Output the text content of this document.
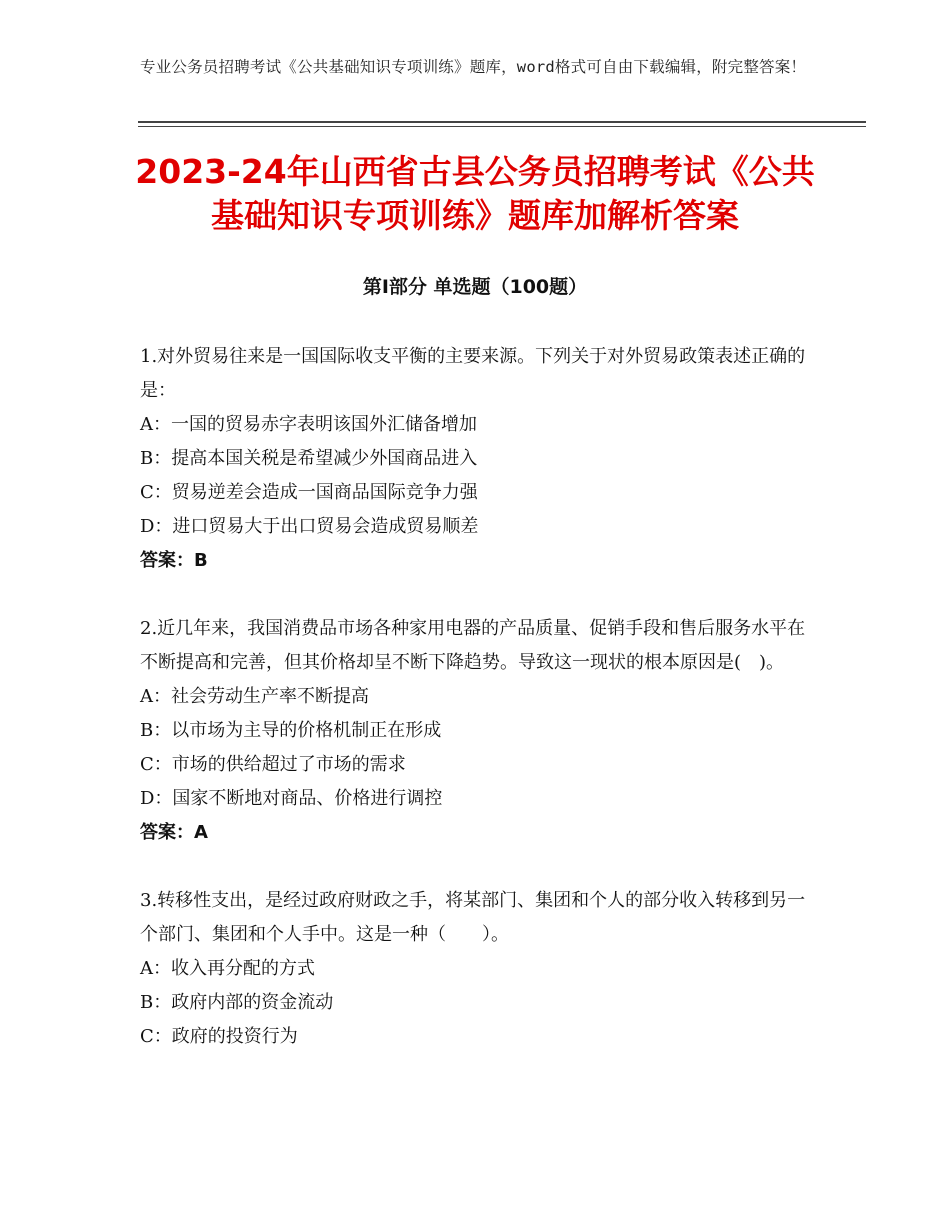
专业公务员招聘考试《公共基础知识专项训练》题库，word格式可自由下载编辑，附完整答案！
2023-24年山西省古县公务员招聘考试《公共基础知识专项训练》题库加解析答案
第Ⅰ部分 单选题（100题）
1.对外贸易往来是一国国际收支平衡的主要来源。下列关于对外贸易政策表述正确的是：
A：一国的贸易赤字表明该国外汇储备增加
B：提高本国关税是希望减少外国商品进入
C：贸易逆差会造成一国商品国际竞争力强
D：进口贸易大于出口贸易会造成贸易顺差
答案：B
2.近几年来，我国消费品市场各种家用电器的产品质量、促销手段和售后服务水平在不断提高和完善，但其价格却呈不断下降趋势。导致这一现状的根本原因是(　)。
A：社会劳动生产率不断提高
B：以市场为主导的价格机制正在形成
C：市场的供给超过了市场的需求
D：国家不断地对商品、价格进行调控
答案：A
3.转移性支出，是经过政府财政之手，将某部门、集团和个人的部分收入转移到另一个部门、集团和个人手中。这是一种（　　）。
A：收入再分配的方式
B：政府内部的资金流动
C：政府的投资行为
